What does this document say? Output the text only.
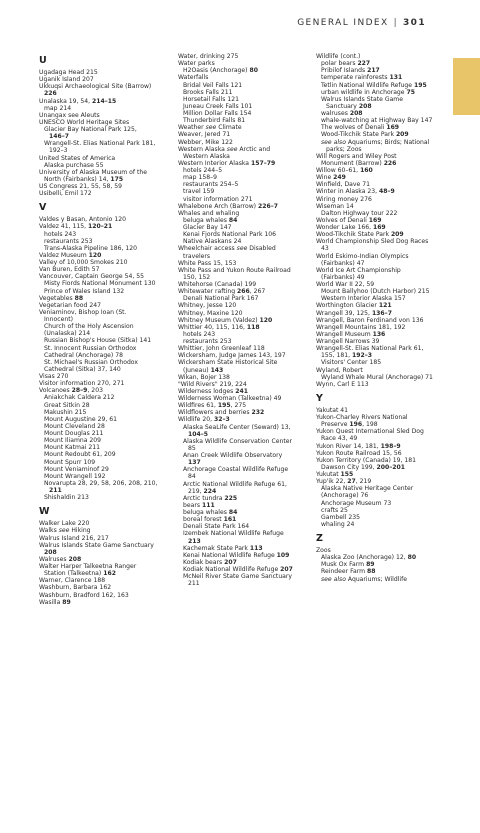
GENERAL INDEX | 301
U
Ugadaga Head 215
Uganik Island 207
Ukkuqsi Archaeological Site (Barrow)
226
Unalaska 19, 54, 214–15
map 214
Unangax see Aleuts
UNESCO World Heritage Sites
Glacier Bay National Park 125,
146–7
Wrangell-St. Elias National Park 181,
192–3
United States of America
Alaska purchase 55
University of Alaska Museum of the
North (Fairbanks) 14, 175
US Congress 21, 55, 58, 59
Usibelli, Emil 172
V
Valdes y Basan, Antonio 120
Valdez 41, 115, 120–21
hotels 243
restaurants 253
Trans-Alaska Pipeline 186, 120
Valdez Museum 120
Valley of 10,000 Smokes 210
Van Buren, Edith 57
Vancouver, Captain George 54, 55
Misty Fiords National Monument 130
Prince of Wales Island 132
Vegetables 88
Vegetarian food 247
Veniaminov, Bishop Ioan (St.
Innocent)
Church of the Holy Ascension
(Unalaska) 214
Russian Bishop's House (Sitka) 141
St. Innocent Russian Orthodox
Cathedral (Anchorage) 78
St. Michael's Russian Orthodox
Cathedral (Sitka) 37, 140
Visas 270
Visitor information 270, 271
Volcanoes 28–9, 203
Aniakchak Caldera 212
Great Sitkin 28
Makushin 215
Mount Augustine 29, 61
Mount Cleveland 28
Mount Douglas 211
Mount Iliamna 209
Mount Katmai 211
Mount Redoubt 61, 209
Mount Spurr 109
Mount Veniaminof 29
Mount Wrangell 192
Novarupta 28, 29, 58, 206, 208, 210,
211
Shishaldin 213
W
Walker Lake 220
Walks see Hiking
Walrus Island 216, 217
Walrus Islands State Game Sanctuary
208
Walruses 208
Walter Harper Talkeetna Ranger
Station (Talkeetna) 162
Warner, Clarence 188
Washburn, Barbara 162
Washburn, Bradford 162, 163
Wasilla 89
Water, drinking 275
Water parks
H2Oasis (Anchorage) 80
Waterfalls
Bridal Veil Falls 121
Brooks Falls 211
Horsetail Falls 121
Juneau Creek Falls 101
Million Dollar Falls 154
Thunderbird Falls 81
Weather see Climate
Weaver, Jered 71
Webber, Mike 122
Western Alaska see Arctic and
Western Alaska
Western Interior Alaska 157–79
hotels 244–5
map 158–9
restaurants 254–5
travel 159
visitor information 271
Whalebone Arch (Barrow) 226–7
Whales and whaling
beluga whales 84
Glacier Bay 147
Kenai Fjords National Park 106
Native Alaskans 24
Wheelchair access see Disabled
travelers
White Pass 15, 153
White Pass and Yukon Route Railroad
150, 152
Whitehorse (Canada) 199
Whitewater rafting 266, 267
Denali National Park 167
Whitney, Jesse 120
Whitney, Maxine 120
Whitney Museum (Valdez) 120
Whittier 40, 115, 116, 118
hotels 243
restaurants 253
Whittier, John Greenleaf 118
Wickersham, Judge James 143, 197
Wickersham State Historical Site
(Juneau) 143
Wikan, Bojer 138
"Wild Rivers" 219, 224
Wilderness lodges 241
Wilderness Woman (Talkeetna) 49
Wildfires 61, 195, 275
Wildflowers and berries 232
Wildlife 20, 32–3
Alaska SeaLife Center (Seward) 13,
104–5
Alaska Wildlife Conservation Center
85
Anan Creek Wildlife Observatory
137
Anchorage Coastal Wildlife Refuge
84
Arctic National Wildlife Refuge 61,
219, 224
Arctic tundra 225
bears 111
beluga whales 84
boreal forest 161
Denali State Park 164
Izembek National Wildlife Refuge
213
Kachemak State Park 113
Kenai National Wildlife Refuge 109
Kodiak bears 207
Kodiak National Wildlife Refuge 207
McNeil River State Game Sanctuary
211
Wildlife (cont.)
polar bears 227
Pribilof Islands 217
temperate rainforests 131
Tetlin National Wildlife Refuge 195
urban wildlife in Anchorage 75
Walrus Islands State Game
Sanctuary 208
walruses 208
whale-watching at Highway Bay 147
The wolves of Denali 169
Wood-Tikchik State Park 209
see also Aquariums; Birds; National
parks; Zoos
Will Rogers and Wiley Post
Monument (Barrow) 226
Willow 60–61, 160
Wine 249
Winfield, Dave 71
Winter in Alaska 23, 48–9
Wiring money 276
Wiseman 14
Dalton Highway tour 222
Wolves of Denali 169
Wonder Lake 166, 169
Wood-Tikchik State Park 209
World Championship Sled Dog Races
43
World Eskimo-Indian Olympics
(Fairbanks) 47
World Ice Art Championship
(Fairbanks) 49
World War II 22, 59
Mount Ballyhoo (Dutch Harbor) 215
Western Interior Alaska 157
Worthington Glacier 121
Wrangell 39, 125, 136–7
Wrangell, Baron Ferdinand von 136
Wrangell Mountains 181, 192
Wrangell Museum 136
Wrangell Narrows 39
Wrangell-St. Elias National Park 61,
155, 181, 192–3
Visitors' Center 185
Wyland, Robert
Wyland Whale Mural (Anchorage) 71
Wynn, Carl E 113
Y
Yakutat 41
Yukon-Charley Rivers National
Preserve 196, 198
Yukon Quest International Sled Dog
Race 43, 49
Yukon River 14, 181, 198–9
Yukon Route Railroad 15, 56
Yukon Territory (Canada) 19, 181
Dawson City 199, 200–201
Yukutat 155
Yup'ik 22, 27, 219
Alaska Native Heritage Center
(Anchorage) 76
Anchorage Museum 73
crafts 25
Gambell 235
whaling 24
Z
Zoos
Alaska Zoo (Anchorage) 12, 80
Musk Ox Farm 89
Reindeer Farm 88
see also Aquariums; Wildlife
